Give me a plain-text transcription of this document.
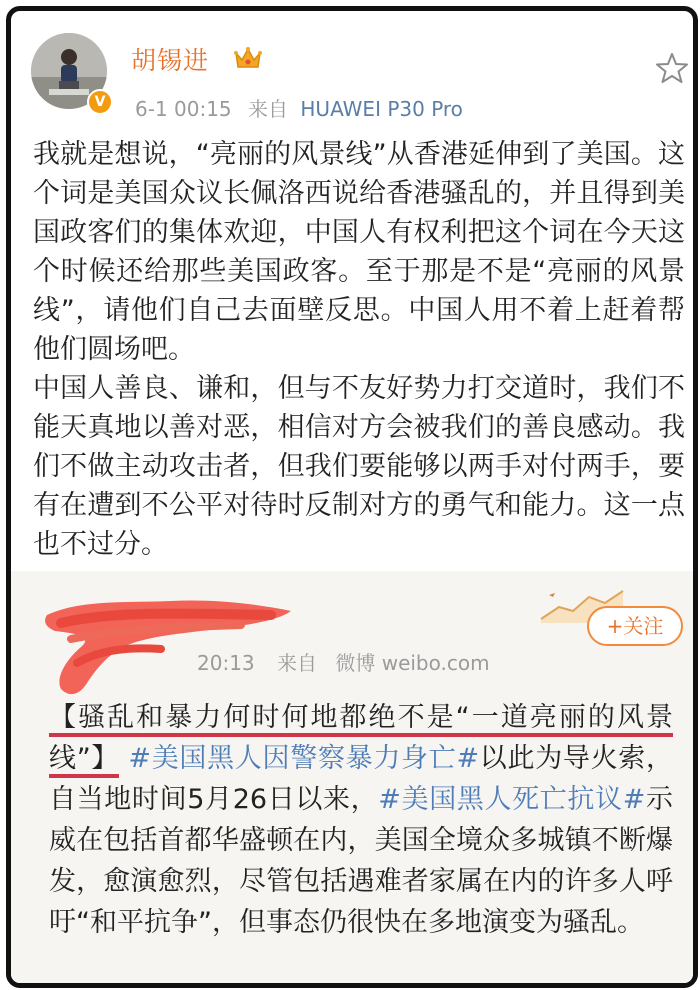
V
胡锡进
6-1 00:15 来自 HUAWEI P30 Pro

我就是想说，“亮丽的风景线”从香港延伸到了美国。这个词是美国众议长佩洛西说给香港骚乱的，并且得到美国政客们的集体欢迎，中国人有权利把这个词在今天这个时候还给那些美国政客。至于那是不是“亮丽的风景线”，请他们自己去面壁反思。中国人用不着上赶着帮他们圆场吧。

中国人善良、谦和，但与不友好势力打交道时，我们不能天真地以善对恶，相信对方会被我们的善良感动。我们不做主动攻击者，但我们要能够以两手对付两手，要有在遭到不公平对待时反制对方的勇气和能力。这一点也不过分。

+关注
20:13 来自 微博 weibo.com
【骚乱和暴力何时何地都绝不是“一道亮丽的风景线”】 #美国黑人因警察暴力身亡#以此为导火索，自当地时间5月26日以来，#美国黑人死亡抗议#示威在包括首都华盛顿在内，美国全境众多城镇不断爆发，愈演愈烈，尽管包括遇难者家属在内的许多人呼吁“和平抗争”，但事态仍很快在多地演变为骚乱。
